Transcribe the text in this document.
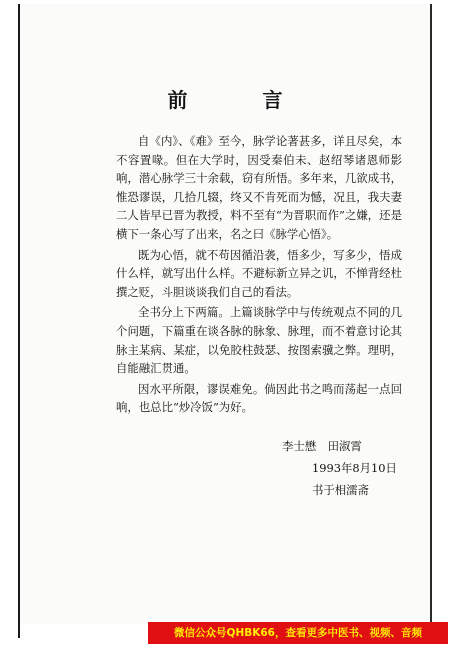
前 言

自《内》、《难》至今，脉学论著甚多，详且尽矣，本不容置喙。但在大学时，因受秦伯未、赵绍琴诸恩师影响，潜心脉学三十余载，窃有所悟。多年来，几欲成书，惟恐谬误，几拾几辍，终又不肯死而为憾，况且，我夫妻二人皆早已晋为教授，料不至有“为晋职而作”之嫌，还是横下一条心写了出来，名之曰《脉学心悟》。

既为心悟，就不苟因循沿袭，悟多少，写多少，悟成什么样，就写出什么样。不避标新立异之讥，不惮背经杜撰之贬，斗胆谈谈我们自己的看法。

全书分上下两篇。上篇谈脉学中与传统观点不同的几个问题，下篇重在谈各脉的脉象、脉理，而不着意讨论其脉主某病、某症，以免胶柱鼓瑟、按图索骥之弊。理明，自能融汇贯通。

因水平所限，谬误难免。倘因此书之鸣而荡起一点回响，也总比“炒冷饭”为好。

李士懋　田淑霄
1993年8月10日
书于相濡斋
微信公众号QHBK66，查看更多中医书、视频、音频
